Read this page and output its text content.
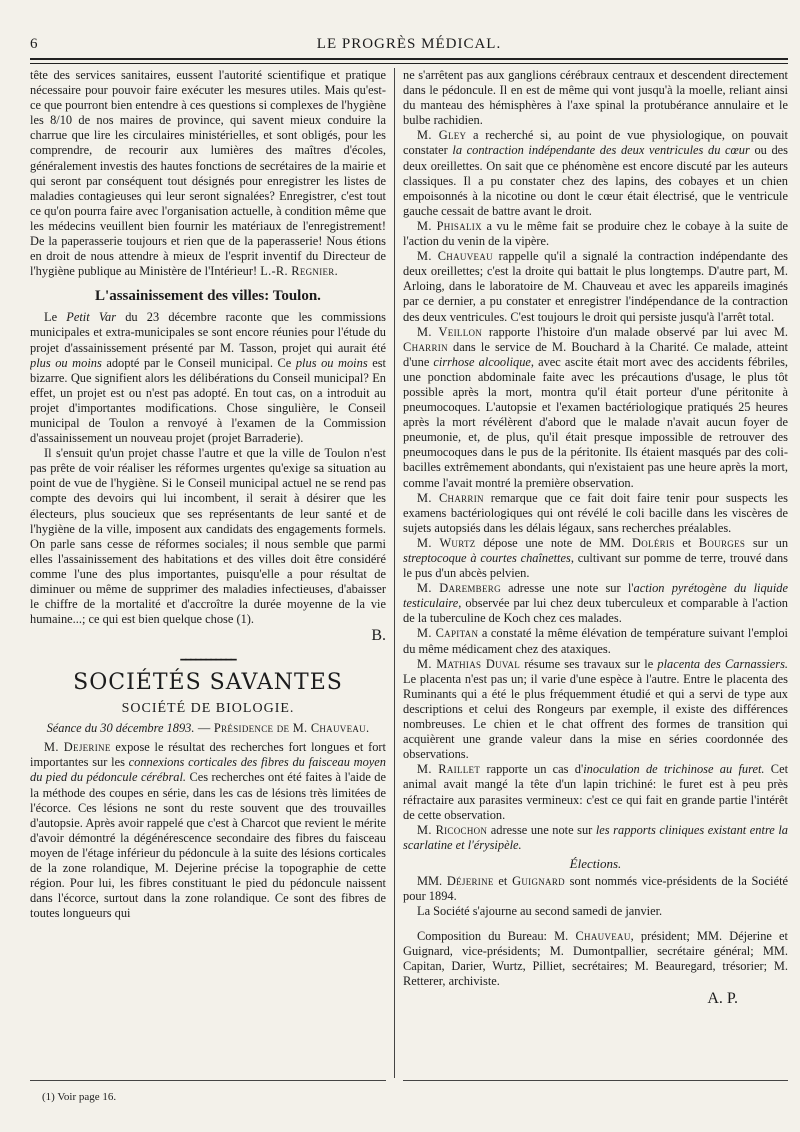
6	LE PROGRÈS MÉDICAL.

tête des services sanitaires, eussent l'autorité scientifique et pratique nécessaire pour pouvoir faire exécuter les mesures utiles. Mais qu'est-ce que pourront bien entendre à ces questions si complexes de l'hygiène les 8/10 de nos maires de province, qui savent mieux conduire la charrue que lire les circulaires ministérielles, et sont obligés, pour les comprendre, de recourir aux lumières des maîtres d'écoles, généralement investis des hautes fonctions de secrétaires de la mairie et qui seront par conséquent tout désignés pour enregistrer les listes de maladies contagieuses qui leur seront signalées? Enregistrer, c'est tout ce qu'on pourra faire avec l'organisation actuelle, à condition même que les médecins veuillent bien fournir les matériaux de l'enregistrement! De la paperasserie toujours et rien que de la paperasserie! Nous étions en droit de nous attendre à mieux de l'esprit inventif du Directeur de l'hygiène publique au Ministère de l'Intérieur! L.-R. Regnier.

L'assainissement des villes: Toulon.

Le Petit Var du 23 décembre raconte que les commissions municipales et extra-municipales se sont encore réunies pour l'étude du projet d'assainissement présenté par M. Tasson, projet qui aurait été plus ou moins adopté par le Conseil municipal. Ce plus ou moins est bizarre. Que signifient alors les délibérations du Conseil municipal? En effet, un projet est ou n'est pas adopté. En tout cas, on a introduit au projet d'importantes modifications. Chose singulière, le Conseil municipal de Toulon a renvoyé à l'examen de la Commission d'assainissement un nouveau projet (projet Barraderie).

Il s'ensuit qu'un projet chasse l'autre et que la ville de Toulon n'est pas prête de voir réaliser les réformes urgentes qu'exige sa situation au point de vue de l'hygiène. Si le Conseil municipal actuel ne se rend pas compte des devoirs qui lui incombent, il serait à désirer que les électeurs, plus soucieux que ses représentants de leur santé et de l'hygiène de la ville, imposent aux candidats des engagements formels. On parle sans cesse de réformes sociales; il nous semble que parmi elles l'assainissement des habitations et des villes doit être considéré comme l'une des plus importantes, puisqu'elle a pour résultat de diminuer ou même de supprimer des maladies infectieuses, d'abaisser le chiffre de la mortalité et d'accroître la durée moyenne de la vie humaine...; ce qui est bien quelque chose (1).

B.
━━━━━━━━━━━
SOCIÉTÉS SAVANTES
SOCIÉTÉ DE BIOLOGIE.
Séance du 30 décembre 1893. — Présidence de M. Chauveau.

M. Dejerine expose le résultat des recherches fort longues et fort importantes sur les connexions corticales des fibres du faisceau moyen du pied du pédoncule cérébral. Ces recherches ont été faites à l'aide de la méthode des coupes en série, dans les cas de lésions très limitées de l'écorce. Ces lésions ne sont du reste souvent que des trouvailles d'autopsie. Après avoir rappelé que c'est à Charcot que revient le mérite d'avoir démontré la dégénérescence secondaire des fibres du faisceau moyen de l'étage inférieur du pédoncule à la suite des lésions corticales de la zone rolandique, M. Dejerine précise la topographie de cette région. Pour lui, les fibres constituant le pied du pédoncule naissent dans l'écorce, surtout dans la zone rolandique. Ce sont des fibres de toutes longueurs qui

ne s'arrêtent pas aux ganglions cérébraux centraux et descendent directement dans le pédoncule. Il en est de même qui vont jusqu'à la moelle, reliant ainsi du manteau des hémisphères à l'axe spinal la protubérance annulaire et le bulbe rachidien.

M. Gley a recherché si, au point de vue physiologique, on pouvait constater la contraction indépendante des deux ventricules du cœur ou des deux oreillettes. On sait que ce phénomène est encore discuté par les auteurs classiques. Il a pu constater chez des lapins, des cobayes et un chien empoisonnés à la nicotine ou dont le cœur était électrisé, que le ventricule gauche cessait de battre avant le droit.

M. Phisalix a vu le même fait se produire chez le cobaye à la suite de l'action du venin de la vipère.

M. Chauveau rappelle qu'il a signalé la contraction indépendante des deux oreillettes; c'est la droite qui battait le plus longtemps. D'autre part, M. Arloing, dans le laboratoire de M. Chauveau et avec les appareils imaginés par ce dernier, a pu constater et enregistrer l'indépendance de la contraction des deux ventricules. C'est toujours le droit qui persiste jusqu'à l'arrêt total.

M. Veillon rapporte l'histoire d'un malade observé par lui avec M. Charrin dans le service de M. Bouchard à la Charité. Ce malade, atteint d'une cirrhose alcoolique, avec ascite était mort avec des accidents fébriles, une ponction abdominale faite avec les précautions d'usage, le plus tôt possible après la mort, montra qu'il était porteur d'une péritonite à pneumocoques. L'autopsie et l'examen bactériologique pratiqués 25 heures après la mort révélèrent d'abord que le malade n'avait aucun foyer de pneumonie, et, de plus, qu'il était presque impossible de retrouver des pneumocoques dans le pus de la péritonite. Ils étaient masqués par des coli-bacilles extrêmement abondants, qui n'existaient pas une heure après la mort, comme l'avait montré la première observation.

M. Charrin remarque que ce fait doit faire tenir pour suspects les examens bactériologiques qui ont révélé le coli bacille dans les viscères de sujets autopsiés dans les délais légaux, sans recherches préalables.

M. Wurtz dépose une note de MM. Doléris et Bourges sur un streptocoque à courtes chaînettes, cultivant sur pomme de terre, trouvé dans le pus d'un abcès pelvien.

M. Daremberg adresse une note sur l'action pyrétogène du liquide testiculaire, observée par lui chez deux tuberculeux et comparable à l'action de la tuberculine de Koch chez ces malades.

M. Capitan a constaté la même élévation de température suivant l'emploi du même médicament chez des ataxiques.

M. Mathias Duval résume ses travaux sur le placenta des Carnassiers. Le placenta n'est pas un; il varie d'une espèce à l'autre. Entre le placenta des Ruminants qui a été le plus fréquemment étudié et qui a servi de type aux descriptions et celui des Rongeurs par exemple, il existe des différences nombreuses. Le chien et le chat offrent des formes de transition qui acquièrent une grande valeur dans la mise en séries coordonnée des observations.

M. Raillet rapporte un cas d'inoculation de trichinose au furet. Cet animal avait mangé la tête d'un lapin trichiné: le furet est à peu près réfractaire aux parasites vermineux: c'est ce qui fait en grande partie l'intérêt de cette observation.

M. Ricochon adresse une note sur les rapports cliniques existant entre la scarlatine et l'érysipèle.

Élections.

MM. Déjerine et Guignard sont nommés vice-présidents de la Société pour 1894.

La Société s'ajourne au second samedi de janvier.

Composition du Bureau: M. Chauveau, président; MM. Déjerine et Guignard, vice-présidents; M. Dumontpallier, secrétaire général; MM. Capitan, Darier, Wurtz, Pilliet, secrétaires; M. Beauregard, trésorier; M. Retterer, archiviste.

A. P.
(1) Voir page 16.
